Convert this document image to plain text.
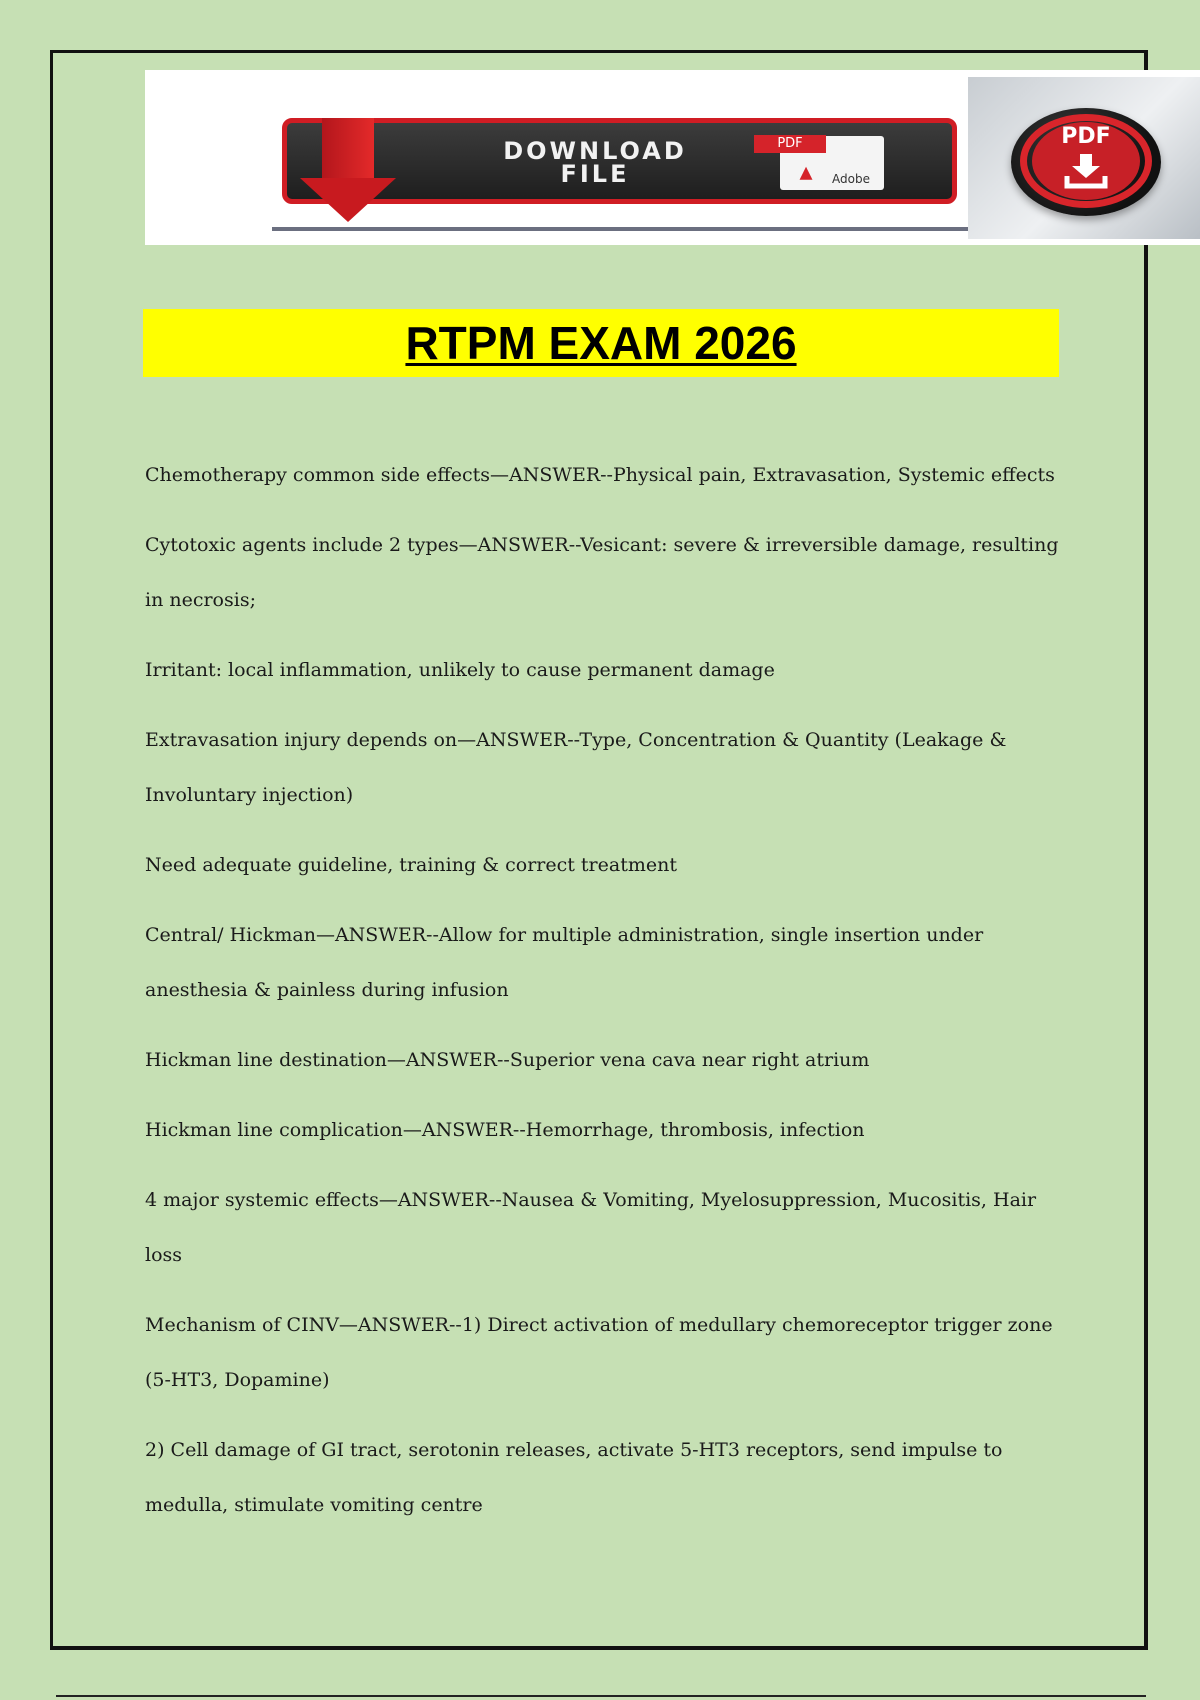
DOWNLOAD
FILE
PDF
▴	Adobe
PDF
RTPM EXAM 2026

Chemotherapy common side effects—ANSWER--Physical pain, Extravasation, Systemic effects

Cytotoxic agents include 2 types—ANSWER--Vesicant: severe & irreversible damage, resulting in necrosis;

Irritant: local inflammation, unlikely to cause permanent damage

Extravasation injury depends on—ANSWER--Type, Concentration & Quantity (Leakage & Involuntary injection)

Need adequate guideline, training & correct treatment

Central/ Hickman—ANSWER--Allow for multiple administration, single insertion under anesthesia & painless during infusion

Hickman line destination—ANSWER--Superior vena cava near right atrium

Hickman line complication—ANSWER--Hemorrhage, thrombosis, infection

4 major systemic effects—ANSWER--Nausea & Vomiting, Myelosuppression, Mucositis, Hair loss

Mechanism of CINV—ANSWER--1) Direct activation of medullary chemoreceptor trigger zone (5-HT3, Dopamine)

2) Cell damage of GI tract, serotonin releases, activate 5-HT3 receptors, send impulse to medulla, stimulate vomiting centre
